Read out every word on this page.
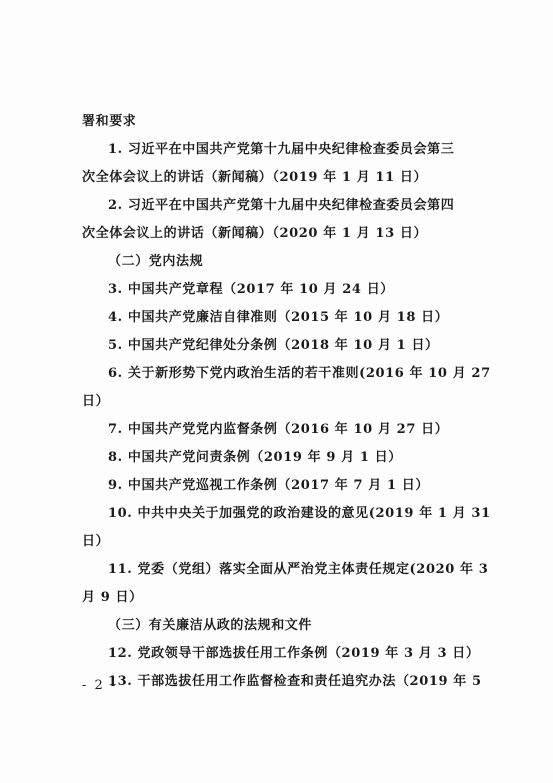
署和要求
1. 习近平在中国共产党第十九届中央纪律检查委员会第三
次全体会议上的讲话（新闻稿）（2019 年 1 月 11 日）
2. 习近平在中国共产党第十九届中央纪律检查委员会第四
次全体会议上的讲话（新闻稿）（2020 年 1 月 13 日）
（二）党内法规
3. 中国共产党章程（2017 年 10 月 24 日）
4. 中国共产党廉洁自律准则（2015 年 10 月 18 日）
5. 中国共产党纪律处分条例（2018 年 10 月 1 日）
6. 关于新形势下党内政治生活的若干准则(2016 年 10 月 27
日）
7. 中国共产党党内监督条例（2016 年 10 月 27 日）
8. 中国共产党问责条例（2019 年 9 月 1 日）
9. 中国共产党巡视工作条例（2017 年 7 月 1 日）
10. 中共中央关于加强党的政治建设的意见(2019 年 1 月 31
日）
11. 党委（党组）落实全面从严治党主体责任规定(2020 年 3
月 9 日）
（三）有关廉洁从政的法规和文件
12. 党政领导干部选拔任用工作条例（2019 年 3 月 3 日）
13. 干部选拔任用工作监督检查和责任追究办法（2019 年 5
- 2 -
